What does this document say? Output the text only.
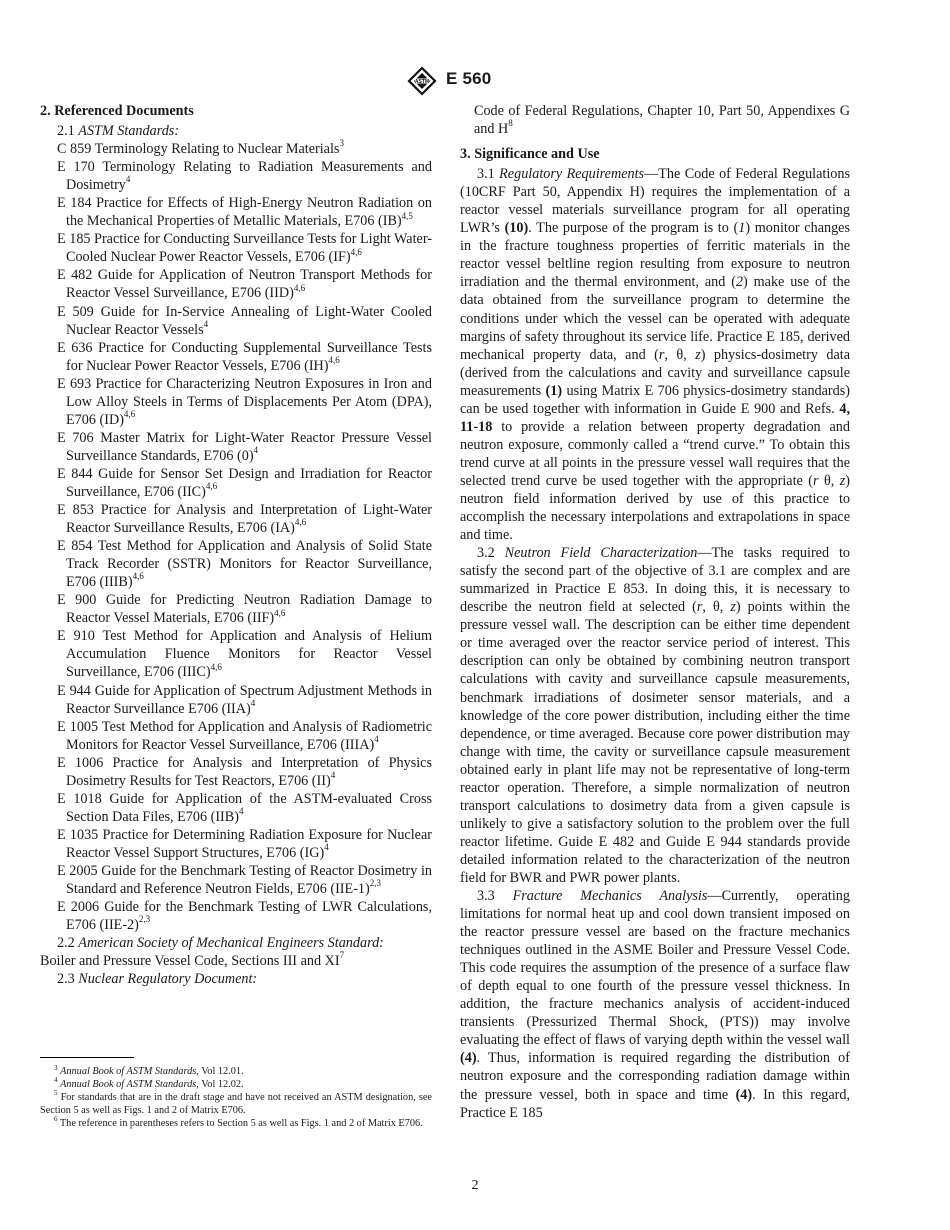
ASTM E 560
2. Referenced Documents
2.1 ASTM Standards:
C 859 Terminology Relating to Nuclear Materials$^3$
E 170 Terminology Relating to Radiation Measurements and Dosimetry$^4$
E 184 Practice for Effects of High-Energy Neutron Radiation on the Mechanical Properties of Metallic Materials, E706 (IB)$^{4,5}$
E 185 Practice for Conducting Surveillance Tests for Light Water-Cooled Nuclear Power Reactor Vessels, E706 (IF)$^{4,6}$
E 482 Guide for Application of Neutron Transport Methods for Reactor Vessel Surveillance, E706 (IID)$^{4,6}$
E 509 Guide for In-Service Annealing of Light-Water Cooled Nuclear Reactor Vessels$^4$
E 636 Practice for Conducting Supplemental Surveillance Tests for Nuclear Power Reactor Vessels, E706 (IH)$^{4,6}$
E 693 Practice for Characterizing Neutron Exposures in Iron and Low Alloy Steels in Terms of Displacements Per Atom (DPA), E706 (ID)$^{4,6}$
E 706 Master Matrix for Light-Water Reactor Pressure Vessel Surveillance Standards, E706 $(0)^4$
E 844 Guide for Sensor Set Design and Irradiation for Reactor Surveillance, E706 (IIC)$^{4,6}$
E 853 Practice for Analysis and Interpretation of Light-Water Reactor Surveillance Results, E706 (IA)$^{4,6}$
E 854 Test Method for Application and Analysis of Solid State Track Recorder (SSTR) Monitors for Reactor Surveillance, E706 (IIIB)$^{4,6}$
E 900 Guide for Predicting Neutron Radiation Damage to Reactor Vessel Materials, E706 (IIF)$^{4,6}$
E 910 Test Method for Application and Analysis of Helium Accumulation Fluence Monitors for Reactor Vessel Surveillance, E706 (IIIC)$^{4,6}$
E 944 Guide for Application of Spectrum Adjustment Methods in Reactor Surveillance E706 (IIA)$^4$
E 1005 Test Method for Application and Analysis of Radiometric Monitors for Reactor Vessel Surveillance, E706 (IIIA)$^4$
E 1006 Practice for Analysis and Interpretation of Physics Dosimetry Results for Test Reactors, E706 (II)$^4$
E 1018 Guide for Application of the ASTM-evaluated Cross Section Data Files, E706 (IIB)$^4$
E 1035 Practice for Determining Radiation Exposure for Nuclear Reactor Vessel Support Structures, E706 (IG)$^4$
E 2005 Guide for the Benchmark Testing of Reactor Dosimetry in Standard and Reference Neutron Fields, E706 $(IIE-1)^{2,3}$
E 2006 Guide for the Benchmark Testing of LWR Calculations, E706 $(IIE-2)^{2,3}$
2.2 American Society of Mechanical Engineers Standard:
Boiler and Pressure Vessel Code, Sections III and $XI^7$
2.3 Nuclear Regulatory Document:
$^3$ Annual Book of ASTM Standards, Vol 12.01.
$^4$ Annual Book of ASTM Standards, Vol 12.02.
$^5$ For standards that are in the draft stage and have not received an ASTM designation, see Section 5 as well as Figs. 1 and 2 of Matrix E706.
$^6$ The reference in parentheses refers to Section 5 as well as Figs. 1 and 2 of Matrix E706.
Code of Federal Regulations, Chapter 10, Part 50, Appendixes G and $H^8$
3. Significance and Use
3.1 Regulatory Requirements—The Code of Federal Regulations (10CRF Part 50, Appendix H) requires the implementation of a reactor vessel materials surveillance program for all operating LWR’s (10). The purpose of the program is to (1) monitor changes in the fracture toughness properties of ferritic materials in the reactor vessel beltline region resulting from exposure to neutron irradiation and the thermal environment, and (2) make use of the data obtained from the surveillance program to determine the conditions under which the vessel can be operated with adequate margins of safety throughout its service life. Practice E 185, derived mechanical property data, and (r, θ, z) physics-dosimetry data (derived from the calculations and cavity and surveillance capsule measurements (1) using Matrix E 706 physics-dosimetry standards) can be used together with information in Guide E 900 and Refs. 4, 11-18 to provide a relation between property degradation and neutron exposure, commonly called a “trend curve.” To obtain this trend curve at all points in the pressure vessel wall requires that the selected trend curve be used together with the appropriate (r θ, z) neutron field information derived by use of this practice to accomplish the necessary interpolations and extrapolations in space and time.
3.2 Neutron Field Characterization—The tasks required to satisfy the second part of the objective of 3.1 are complex and are summarized in Practice E 853. In doing this, it is necessary to describe the neutron field at selected (r, θ, z) points within the pressure vessel wall. The description can be either time dependent or time averaged over the reactor service period of interest. This description can only be obtained by combining neutron transport calculations with cavity and surveillance capsule measurements, benchmark irradiations of dosimeter sensor materials, and a knowledge of the core power distribution, including either the time dependence, or time averaged. Because core power distribution may change with time, the cavity or surveillance capsule measurement obtained early in plant life may not be representative of long-term reactor operation. Therefore, a simple normalization of neutron transport calculations to dosimetry data from a given capsule is unlikely to give a satisfactory solution to the problem over the full reactor lifetime. Guide E 482 and Guide E 944 standards provide detailed information related to the characterization of the neutron field for BWR and PWR power plants.
3.3 Fracture Mechanics Analysis—Currently, operating limitations for normal heat up and cool down transient imposed on the reactor pressure vessel are based on the fracture mechanics techniques outlined in the ASME Boiler and Pressure Vessel Code. This code requires the assumption of the presence of a surface flaw of depth equal to one fourth of the pressure vessel thickness. In addition, the fracture mechanics analysis of accident-induced transients (Pressurized Thermal Shock, (PTS)) may involve evaluating the effect of flaws of varying depth within the vessel wall (4). Thus, information is required regarding the distribution of neutron exposure and the corresponding radiation damage within the pressure vessel, both in space and time (4). In this regard, Practice E 185
2
